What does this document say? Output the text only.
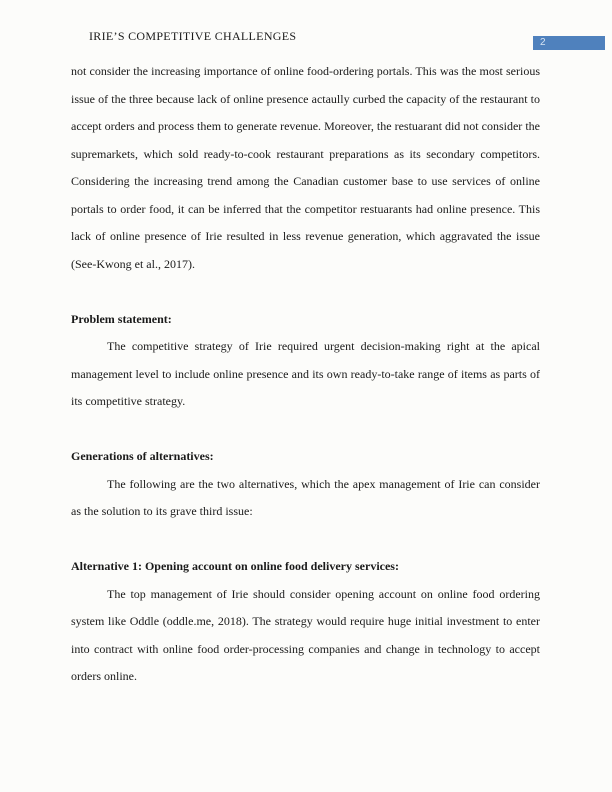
IRIE’S COMPETITIVE CHALLENGES	2

not consider the increasing importance of online food-ordering portals. This was the most serious issue of the three because lack of online presence actaully curbed the capacity of the restaurant to accept orders and process them to generate revenue. Moreover, the restuarant did not consider the supremarkets, which sold ready-to-cook restaurant preparations as its secondary competitors. Considering the increasing trend among the Canadian customer base to use services of online portals to order food, it can be inferred that the competitor restuarants had online presence. This lack of online presence of Irie resulted in less revenue generation, which aggravated the issue (See-Kwong et al., 2017).

Problem statement:

The competitive strategy of Irie required urgent decision-making right at the apical management level to include online presence and its own ready-to-take range of items as parts of its competitive strategy.

Generations of alternatives:

The following are the two alternatives, which the apex management of Irie can consider as the solution to its grave third issue:

Alternative 1: Opening account on online food delivery services:

The top management of Irie should consider opening account on online food ordering system like Oddle (oddle.me, 2018). The strategy would require huge initial investment to enter into contract with online food order-processing companies and change in technology to accept orders online.
